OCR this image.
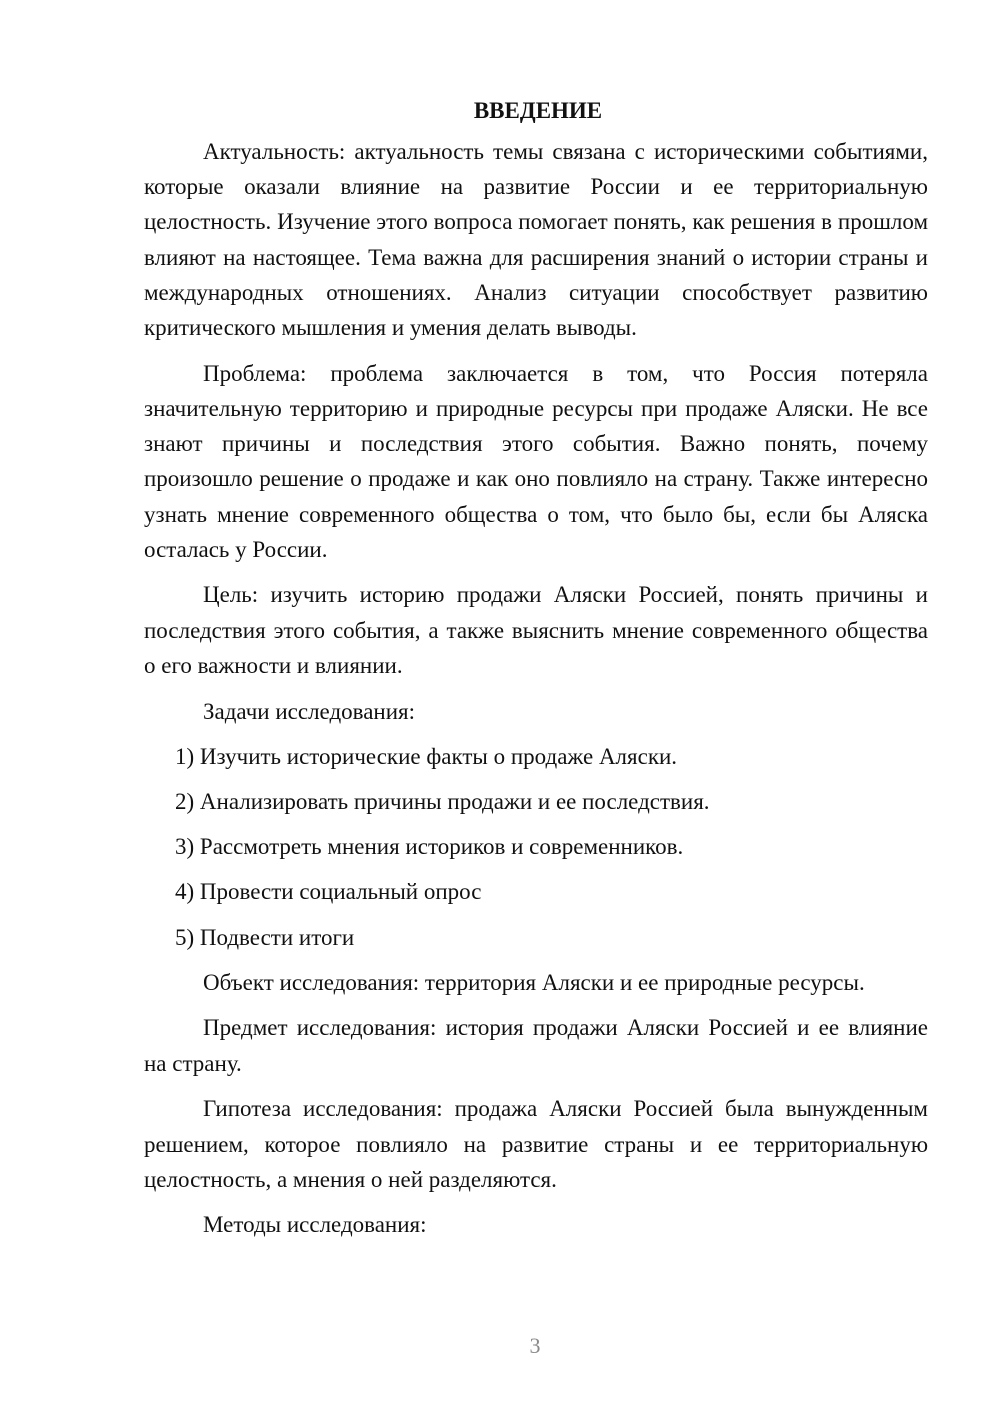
ВВЕДЕНИЕ

Актуальность: актуальность темы связана с историческими событиями, которые оказали влияние на развитие России и ее территориальную целостность. Изучение этого вопроса помогает понять, как решения в прошлом влияют на настоящее. Тема важна для расширения знаний о истории страны и международных отношениях. Анализ ситуации способствует развитию критического мышления и умения делать выводы.

Проблема: проблема заключается в том, что Россия потеряла значительную территорию и природные ресурсы при продаже Аляски. Не все знают причины и последствия этого события. Важно понять, почему произошло решение о продаже и как оно повлияло на страну. Также интересно узнать мнение современного общества о том, что было бы, если бы Аляска осталась у России.

Цель: изучить историю продажи Аляски Россией, понять причины и последствия этого события, а также выяснить мнение современного общества о его важности и влиянии.

Задачи исследования:

1) Изучить исторические факты о продаже Аляски.
2) Анализировать причины продажи и ее последствия.
3) Рассмотреть мнения историков и современников.
4) Провести социальный опрос
5) Подвести итоги

Объект исследования: территория Аляски и ее природные ресурсы.

Предмет исследования: история продажи Аляски Россией и ее влияние на страну.

Гипотеза исследования: продажа Аляски Россией была вынужденным решением, которое повлияло на развитие страны и ее территориальную целостность, а мнения о ней разделяются.

Методы исследования:

3
